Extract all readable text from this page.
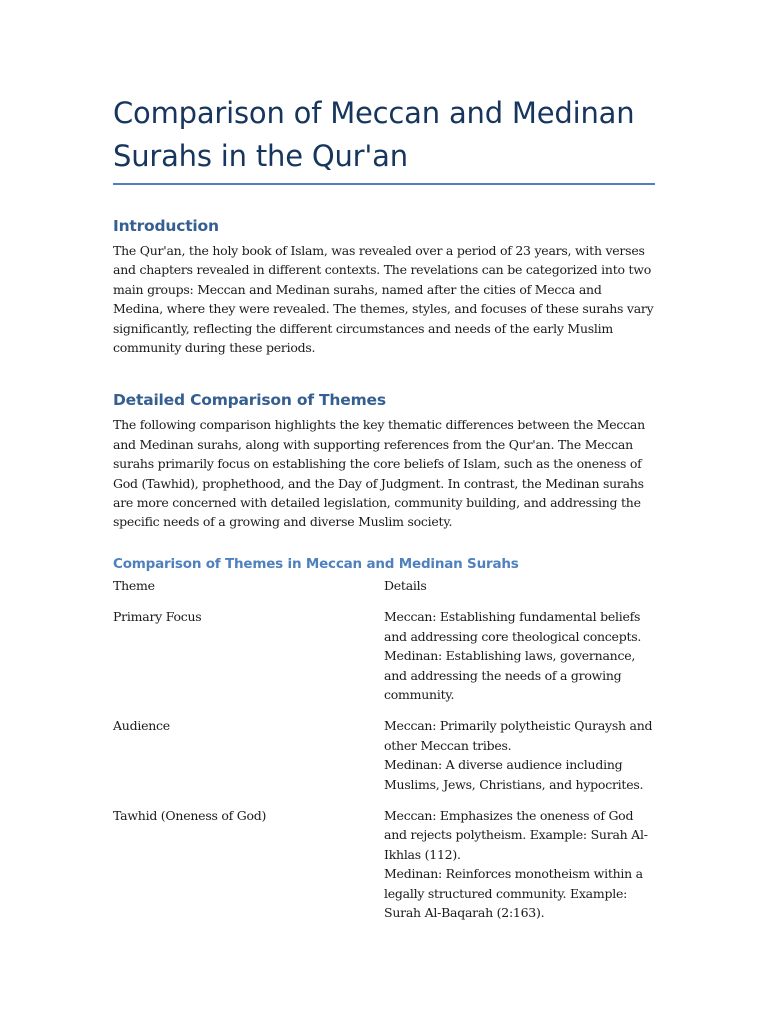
Comparison of Meccan and Medinan Surahs in the Qur'an
Introduction

The Qur'an, the holy book of Islam, was revealed over a period of 23 years, with verses and chapters revealed in different contexts. The revelations can be categorized into two main groups: Meccan and Medinan surahs, named after the cities of Mecca and Medina, where they were revealed. The themes, styles, and focuses of these surahs vary significantly, reflecting the different circumstances and needs of the early Muslim community during these periods.

Detailed Comparison of Themes

The following comparison highlights the key thematic differences between the Meccan and Medinan surahs, along with supporting references from the Qur'an. The Meccan surahs primarily focus on establishing the core beliefs of Islam, such as the oneness of God (Tawhid), prophethood, and the Day of Judgment. In contrast, the Medinan surahs are more concerned with detailed legislation, community building, and addressing the specific needs of a growing and diverse Muslim society.

Comparison of Themes in Meccan and Medinan Surahs
Theme	Details
Primary Focus	Meccan: Establishing fundamental beliefs and addressing core theological concepts.
Medinan: Establishing laws, governance, and addressing the needs of a growing community.

Audience	Meccan: Primarily polytheistic Quraysh and other Meccan tribes.
Medinan: A diverse audience including Muslims, Jews, Christians, and hypocrites.

Tawhid (Oneness of God)	Meccan: Emphasizes the oneness of God and rejects polytheism. Example: Surah Al-Ikhlas (112).
Medinan: Reinforces monotheism within a legally structured community. Example: Surah Al-Baqarah (2:163).
